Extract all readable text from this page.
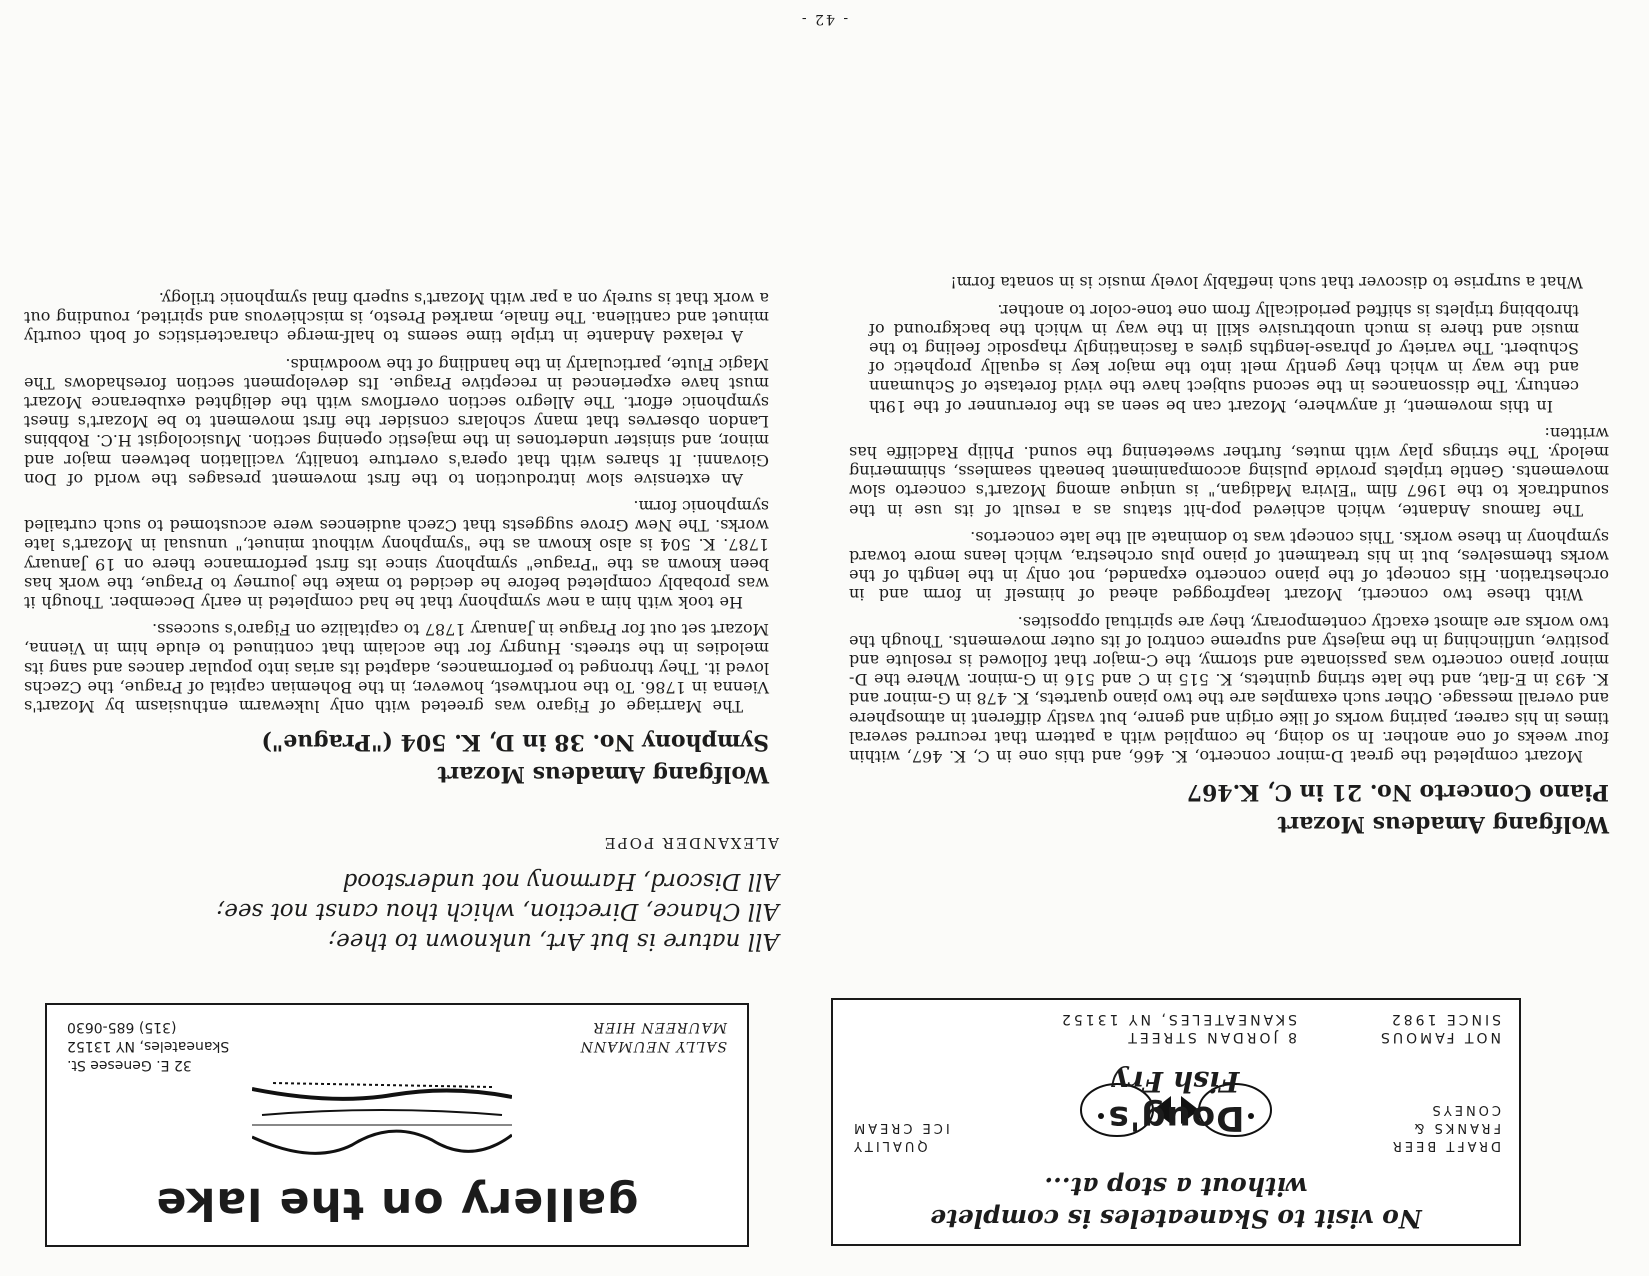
No visit to Skaneateles is complete
without a stop at...
DRAFT BEER
FRANKS &
CONEYS
QUALITY
ICE CREAM	Doug's
Fish Fry
NOT FAMOUS
SINCE 1982
8 JORDAN STREET
SKANEATELES, NY 13152
All nature is but Art, unknown to thee;
All Chance, Direction, which thou canst not see;
All Discord, Harmony not understood
ALEXANDER POPE
gallery on the lake
SALLY NEUMANN
MAUREEN HIER
32 E. Genesee St.
Skaneateles, NY 13152
(315) 685-0630
Wolfgang Amadeus Mozart
Symphony No. 38 in D, K. 504 ("Prague")

The Marriage of Figaro was greeted with only lukewarm enthusiasm by Mozart's Vienna in 1786. To the northwest, however, in the Bohemian capital of Prague, the Czechs loved it. They thronged to performances, adapted its arias into popular dances and sang its melodies in the streets. Hungry for the acclaim that continued to elude him in Vienna, Mozart set out for Prague in January 1787 to capitalize on Figaro's success.

He took with him a new symphony that he had completed in early December. Though it was probably completed before he decided to make the journey to Prague, the work has been known as the "Prague" symphony since its first performance there on 19 January 1787. K. 504 is also known as the "symphony without minuet," unusual in Mozart's late works. The New Grove suggests that Czech audiences were accustomed to such curtailed symphonic form.

An extensive slow introduction to the first movement presages the world of Don Giovanni. It shares with that opera's overture tonality, vacillation between major and minor, and sinister undertones in the majestic opening section. Musicologist H.C. Robbins Landon observes that many scholars consider the first movement to be Mozart's finest symphonic effort. The Allegro section overflows with the delighted exuberance Mozart must have experienced in receptive Prague. Its development section foreshadows The Magic Flute, particularly in the handling of the woodwinds.

A relaxed Andante in triple time seems to half-merge characteristics of both courtly minuet and cantilena. The finale, marked Presto, is mischievous and spirited, rounding out a work that is surely on a par with Mozart's superb final symphonic trilogy.

Wolfgang Amadeus Mozart
Piano Concerto No. 21 in C, K.467

Mozart completed the great D-minor concerto, K. 466, and this one in C, K. 467, within four weeks of one another. In so doing, he complied with a pattern that recurred several times in his career, pairing works of like origin and genre, but vastly different in atmosphere and overall message. Other such examples are the two piano quartets, K. 478 in G-minor and K. 493 in E-flat, and the late string quintets, K. 515 in C and 516 in G-minor. Where the D-minor piano concerto was passionate and stormy, the C-major that followed is resolute and positive, unflinching in the majesty and supreme control of its outer movements. Though the two works are almost exactly contemporary, they are spiritual opposites.

With these two concerti, Mozart leapfrogged ahead of himself in form and in orchestration. His concept of the piano concerto expanded, not only in the length of the works themselves, but in his treatment of piano plus orchestra, which leans more toward symphony in these works. This concept was to dominate all the late concertos.

The famous Andante, which achieved pop-hit status as a result of its use in the soundtrack to the 1967 film "Elvira Madigan," is unique among Mozart's concerto slow movements. Gentle triplets provide pulsing accompaniment beneath seamless, shimmering melody. The strings play with mutes, further sweetening the sound. Philip Radcliffe has written:

In this movement, if anywhere, Mozart can be seen as the forerunner of the 19th century. The dissonances in the second subject have the vivid foretaste of Schumann and the way in which they gently melt into the major key is equally prophetic of Schubert. The variety of phrase-lengths gives a fascinatingly rhapsodic feeling to the music and there is much unobtrusive skill in the way in which the background of throbbing triplets is shifted periodically from one tone-color to another.

What a surprise to discover that such ineffably lovely music is in sonata form!

- 42 -
